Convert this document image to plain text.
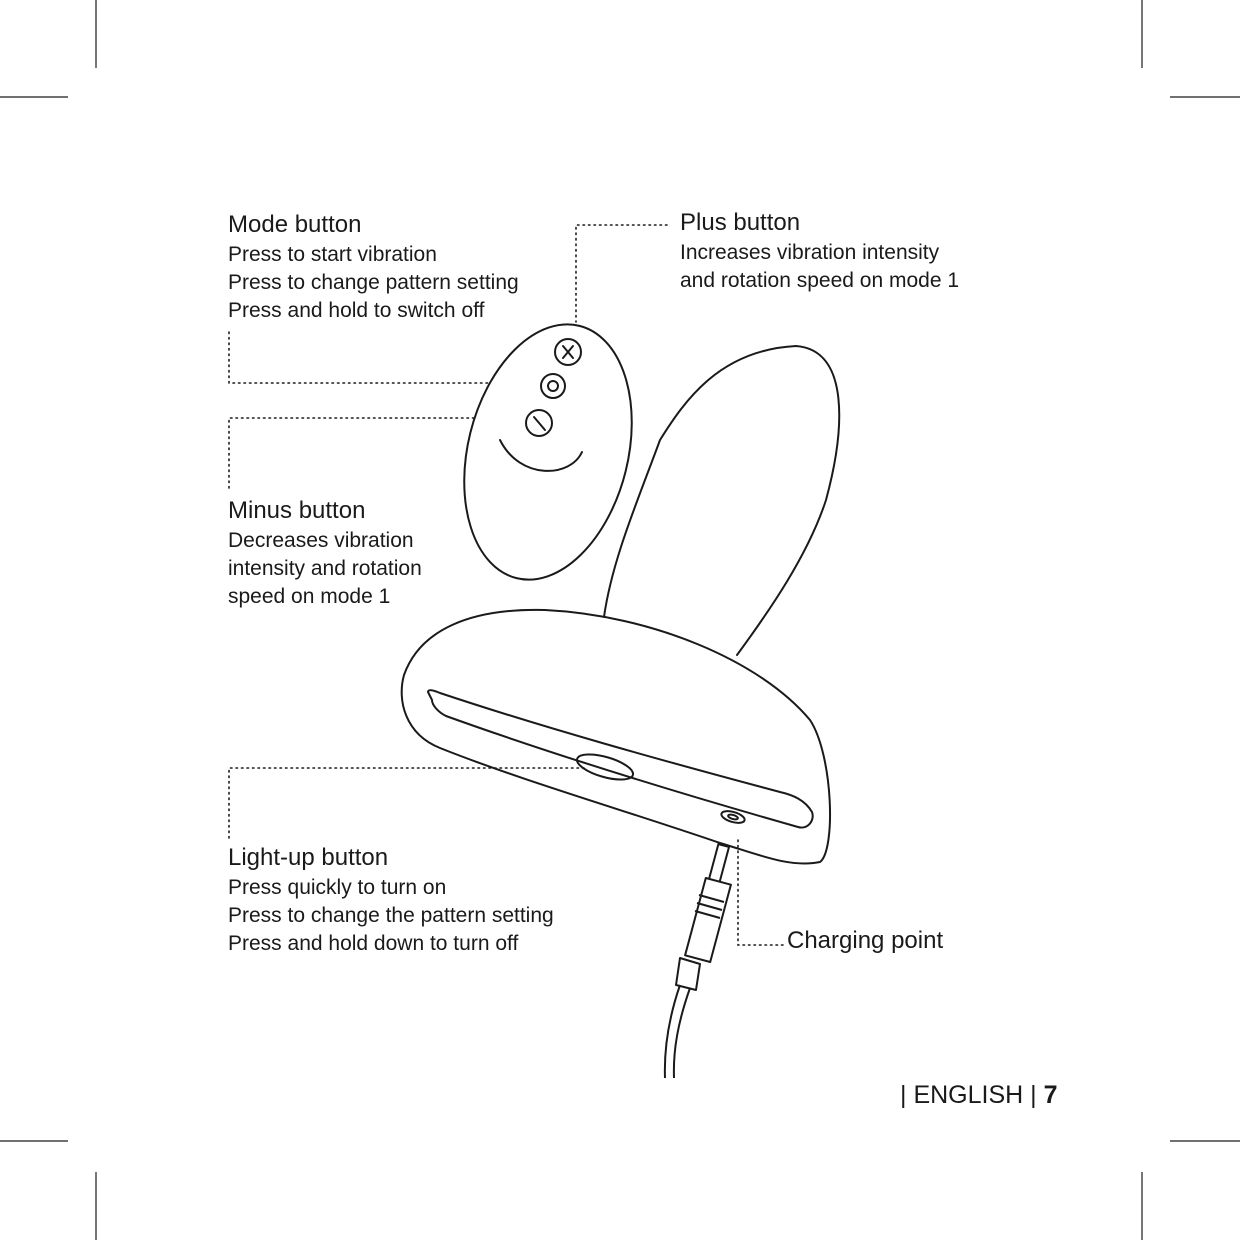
Mode button
Press to start vibration
Press to change pattern setting
Press and hold to switch off
Plus button
Increases vibration intensity
and rotation speed on mode 1
Minus button
Decreases vibration
intensity and rotation
speed on mode 1
Light-up button
Press quickly to turn on
Press to change the pattern setting
Press and hold down to turn off	Charging point
| ENGLISH | 7
